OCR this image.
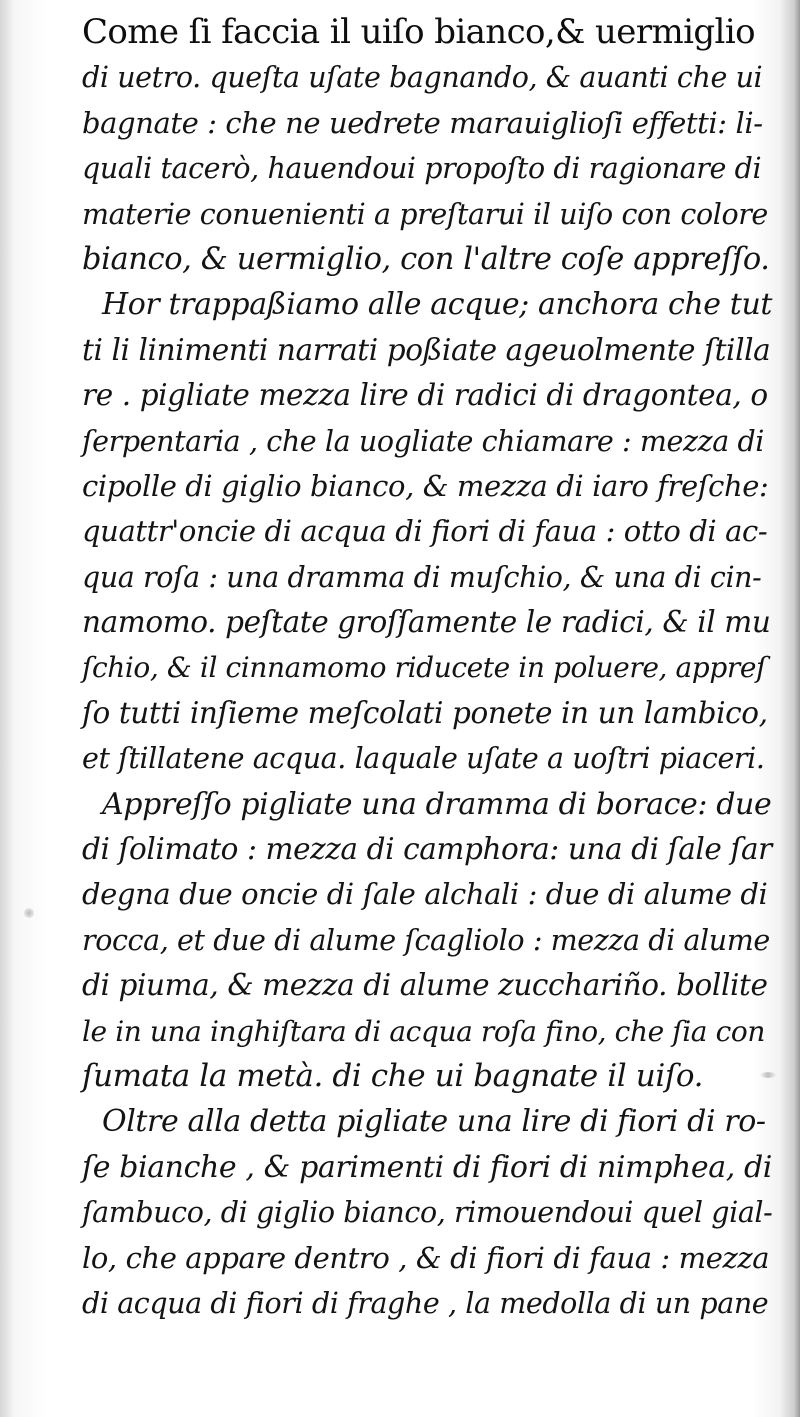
Come ſi faccia il uiſo bianco,& uermiglio
di uetro. queſta uſate bagnando, & auanti che ui
bagnate : che ne uedrete marauiglioſi effetti: li-
quali tacerò, hauendoui propoſto di ragionare di
materie conuenienti a preſtarui il uiſo con colore
bianco, & uermiglio, con l'altre coſe appreſſo.
Hor trappaßiamo alle acque; anchora che tut
ti li linimenti narrati poßiate ageuolmente ſtilla
re . pigliate mezza lire di radici di dragontea, o
ſerpentaria , che la uogliate chiamare : mezza di
cipolle di giglio bianco, & mezza di iaro freſche:
quattr'oncie di acqua di fiori di faua : otto di ac-
qua roſa : una dramma di muſchio, & una di cin-
namomo. peſtate groſſamente le radici, & il mu
ſchio, & il cinnamomo riducete in poluere, appreſ
ſo tutti inſieme meſcolati ponete in un lambico,
et ſtillatene acqua. laquale uſate a uoſtri piaceri.
Appreſſo pigliate una dramma di borace: due
di ſolimato : mezza di camphora: una di ſale ſar
degna due oncie di ſale alchali : due di alume di
rocca, et due di alume ſcagliolo : mezza di alume
di piuma, & mezza di alume zucchariño. bollite
le in una inghiſtara di acqua roſa fino, che ſia con
ſumata la metà. di che ui bagnate il uiſo.
Oltre alla detta pigliate una lire di fiori di ro-
ſe bianche , & parimenti di fiori di nimphea, di
ſambuco, di giglio bianco, rimouendoui quel gial-
lo, che appare dentro , & di fiori di faua : mezza
di acqua di fiori di fraghe , la medolla di un pane
